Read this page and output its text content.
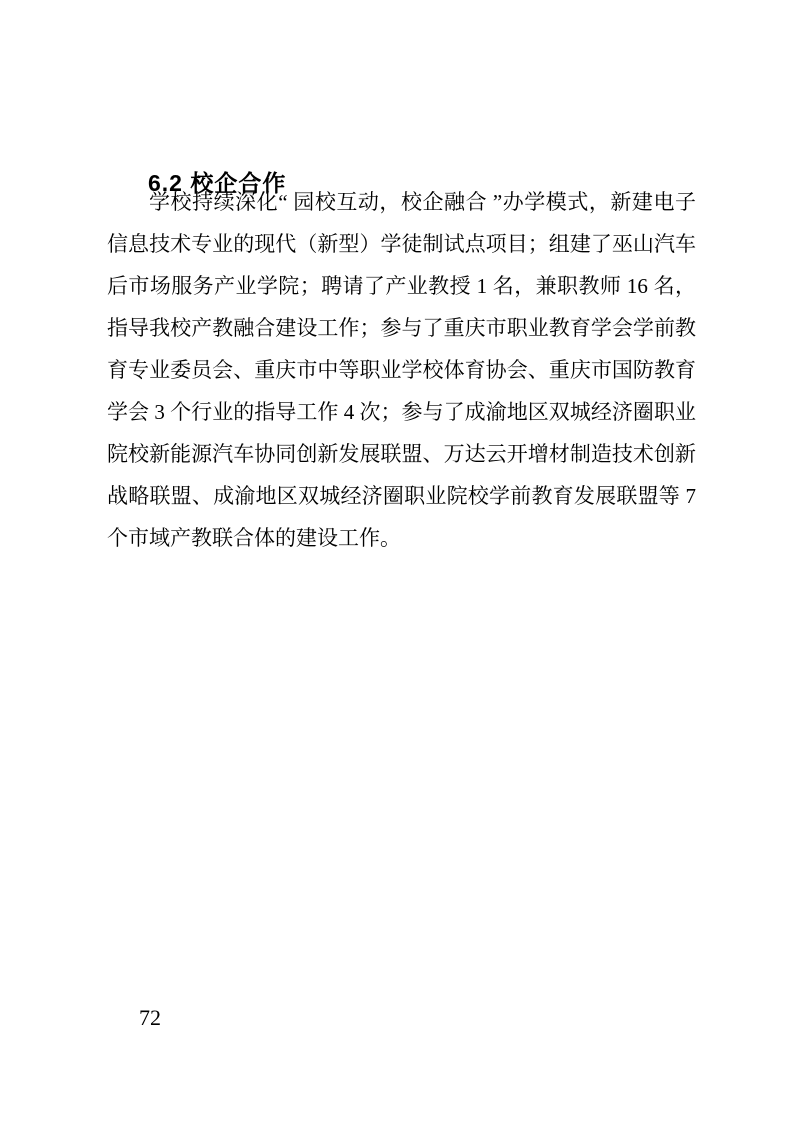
6.2 校企合作
学校持续深化“ 园校互动，校企融合 ”办学模式，新建电子
信息技术专业的现代（新型）学徒制试点项目；组建了巫山汽车
后市场服务产业学院；聘请了产业教授 1 名，兼职教师 16 名，
指导我校产教融合建设工作；参与了重庆市职业教育学会学前教
育专业委员会、重庆市中等职业学校体育协会、重庆市国防教育
学会 3 个行业的指导工作 4 次；参与了成渝地区双城经济圈职业
院校新能源汽车协同创新发展联盟、万达云开增材制造技术创新
战略联盟、成渝地区双城经济圈职业院校学前教育发展联盟等 7
个市域产教联合体的建设工作。
72
